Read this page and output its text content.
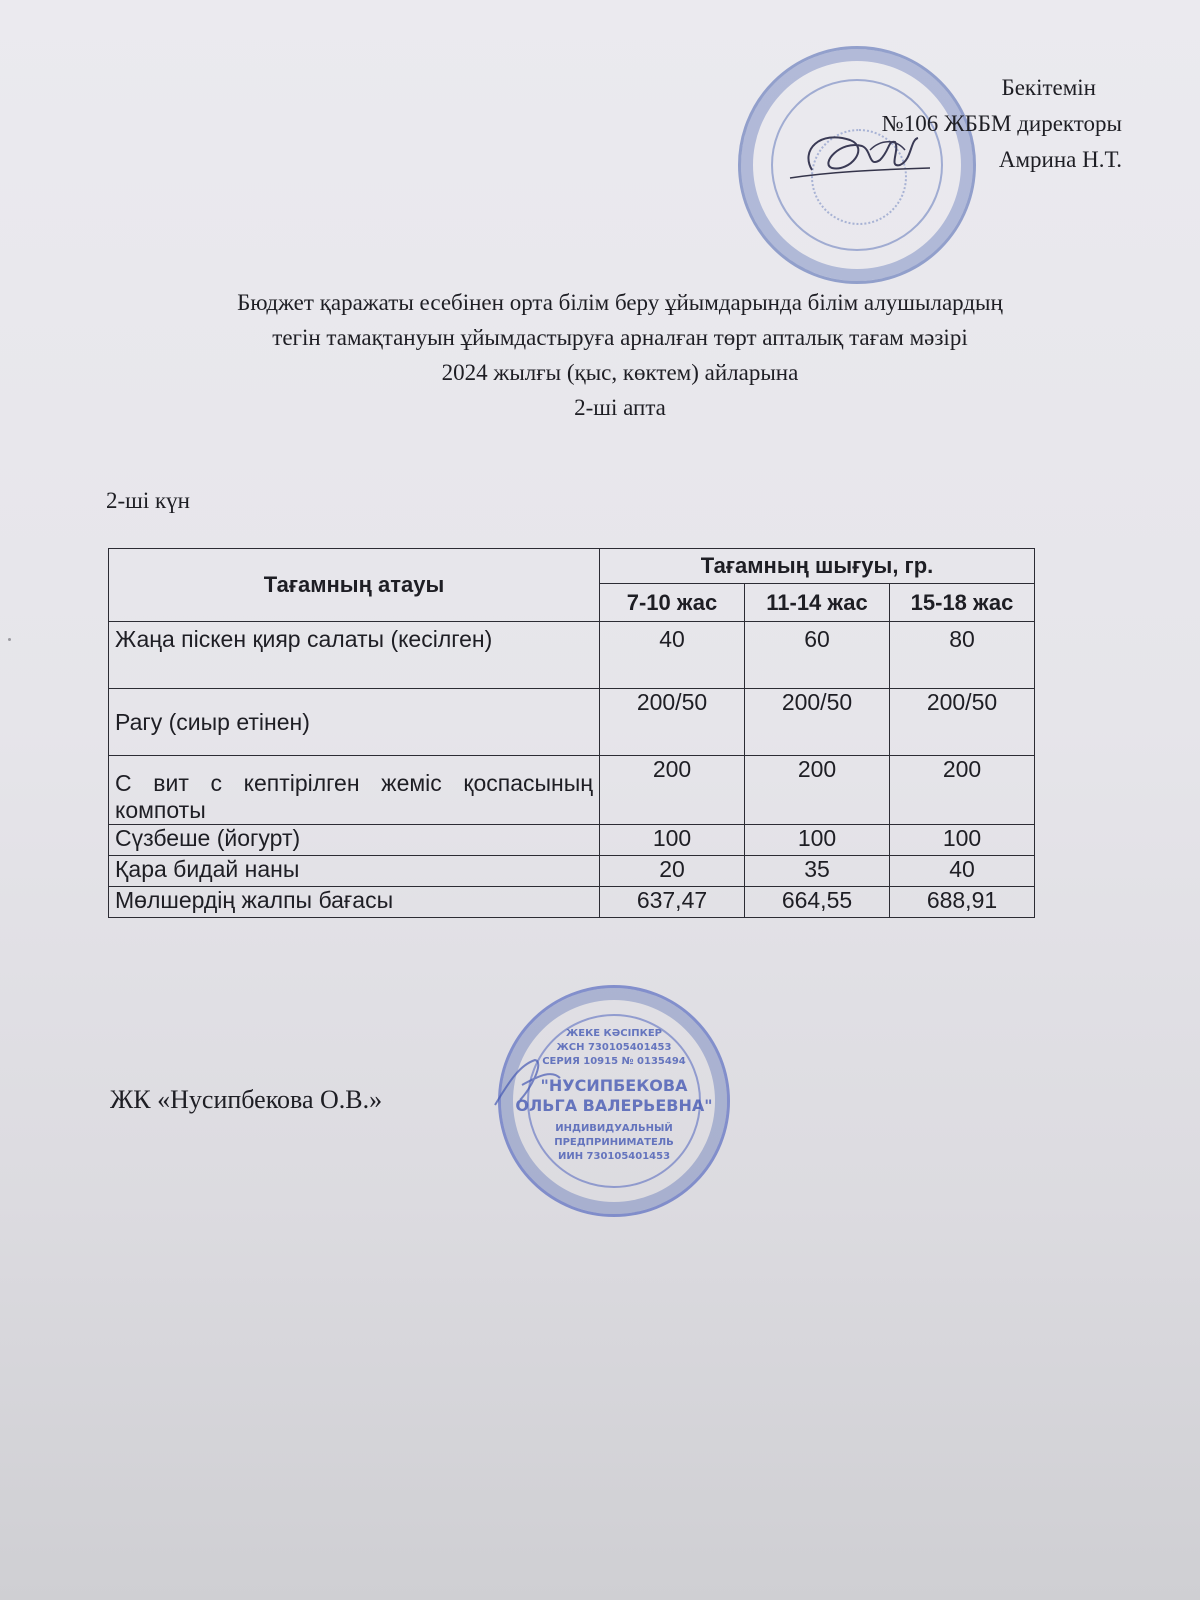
Бекітемін
№106 ЖББМ директоры
Амрина Н.Т.
Бюджет қаражаты есебінен орта білім беру ұйымдарында білім алушылардың
тегін тамақтануын ұйымдастыруға арналған төрт апталық тағам мәзірі
2024 жылғы (қыс, көктем) айларына
2-ші апта
2-ші күн
Тағамның атауы	Тағамның шығуы, гр.		
	7-10 жас	11-14 жас	15-18 жас
Жаңа піскен қияр салаты (кесілген)	40	60	80
Рагу (сиыр етінен)	200/50	200/50	200/50
С вит с кептірілген жеміс қоспасының компоты	200	200	200
Сүзбеше (йогурт)	100	100	100
Қара бидай наны	20	35	40
Мөлшердің жалпы бағасы	637,47	664,55	688,91
ЖК «Нусипбекова О.В.»
ЖЕКЕ КӘСІПКЕР
ЖСН 730105401453
СЕРИЯ 10915 № 0135494
"НУСИПБЕКОВА
ОЛЬГА ВАЛЕРЬЕВНА"
ИНДИВИДУАЛЬНЫЙ
ПРЕДПРИНИМАТЕЛЬ
ИИН 730105401453
